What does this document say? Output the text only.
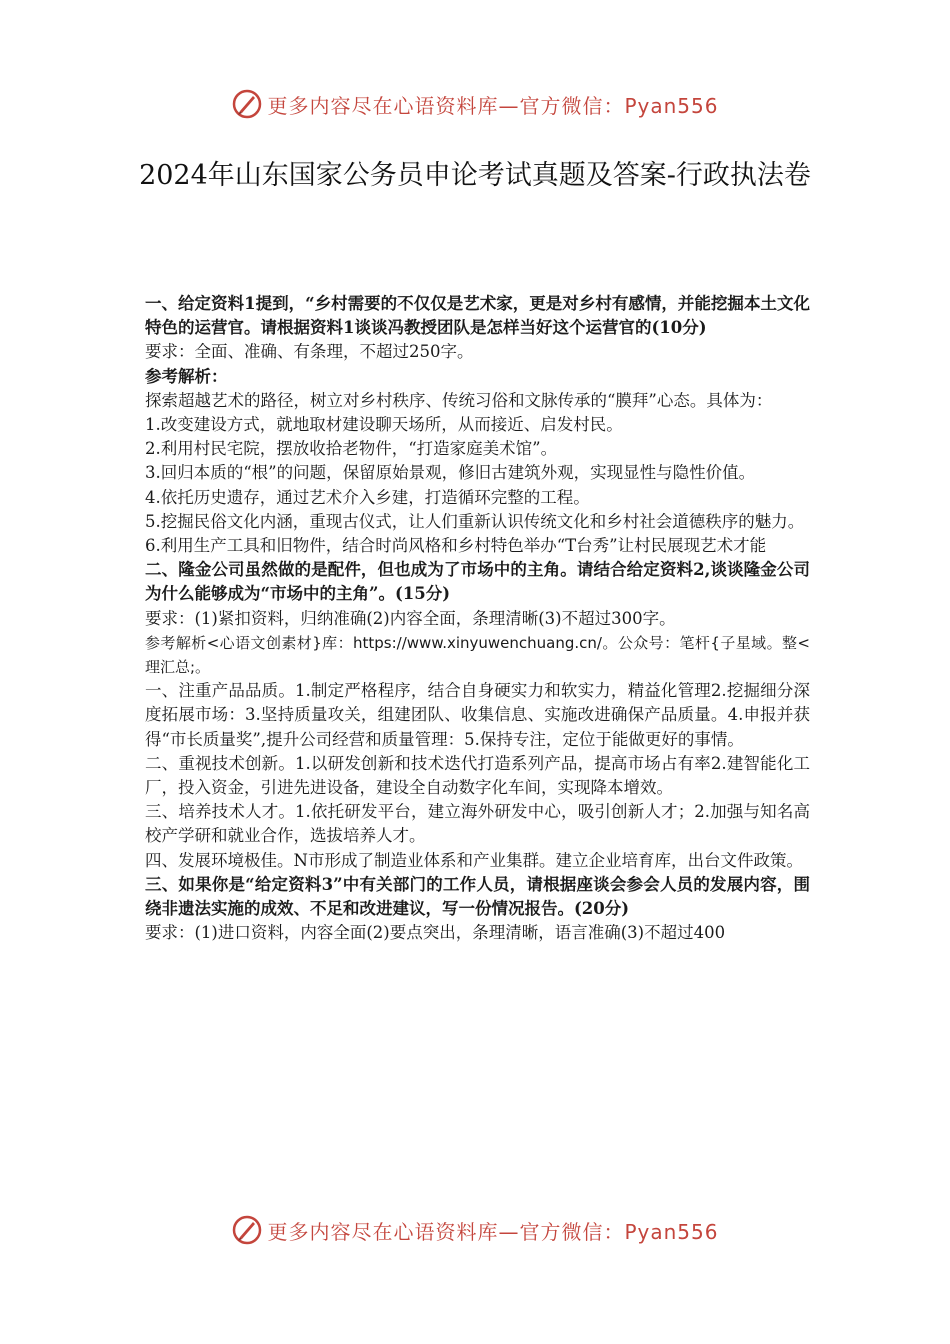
更多内容尽在心语资料库—官方微信：Pyan556
2024年山东国家公务员申论考试真题及答案-行政执法卷

一、给定资料1提到，“乡村需要的不仅仅是艺术家，更是对乡村有感情，并能挖掘本土文化特色的运营官。请根据资料1谈谈冯教授团队是怎样当好这个运营官的(10分)

要求：全面、准确、有条理，不超过250字。

参考解析：

探索超越艺术的路径，树立对乡村秩序、传统习俗和文脉传承的“膜拜”心态。具体为：

1.改变建设方式，就地取材建设聊天场所，从而接近、启发村民。

2.利用村民宅院，摆放收拾老物件，“打造家庭美术馆”。

3.回归本质的“根”的问题，保留原始景观，修旧古建筑外观，实现显性与隐性价值。

4.依托历史遗存，通过艺术介入乡建，打造循环完整的工程。

5.挖掘民俗文化内涵，重现古仪式，让人们重新认识传统文化和乡村社会道德秩序的魅力。

6.利用生产工具和旧物件，结合时尚风格和乡村特色举办“T台秀”让村民展现艺术才能

二、隆金公司虽然做的是配件，但也成为了市场中的主角。请结合给定资料2,谈谈隆金公司为什么能够成为“市场中的主角”。(15分)

要求：(1)紧扣资料，归纳准确(2)内容全面，条理清晰(3)不超过300字。

参考解析<心语文创素材}库：https://www.xinyuwenchuang.cn/。公众号：笔杆{子星域。整<理汇总;。

一、注重产品品质。1.制定严格程序，结合自身硬实力和软实力，精益化管理2.挖掘细分深度拓展市场：3.坚持质量攻关，组建团队、收集信息、实施改进确保产品质量。4.申报并获得“市长质量奖”,提升公司经营和质量管理：5.保持专注，定位于能做更好的事情。

二、重视技术创新。1.以研发创新和技术迭代打造系列产品，提高市场占有率2.建智能化工厂，投入资金，引进先进设备，建设全自动数字化车间，实现降本增效。

三、培养技术人才。1.依托研发平台，建立海外研发中心，吸引创新人才；2.加强与知名高校产学研和就业合作，选拔培养人才。

四、发展环境极佳。N市形成了制造业体系和产业集群。建立企业培育库，出台文件政策。

三、如果你是“给定资料3”中有关部门的工作人员，请根据座谈会参会人员的发展内容，围绕非遗法实施的成效、不足和改进建议，写一份情况报告。(20分)

要求：(1)进口资料，内容全面(2)要点突出，条理清晰，语言准确(3)不超过400

更多内容尽在心语资料库—官方微信：Pyan556
